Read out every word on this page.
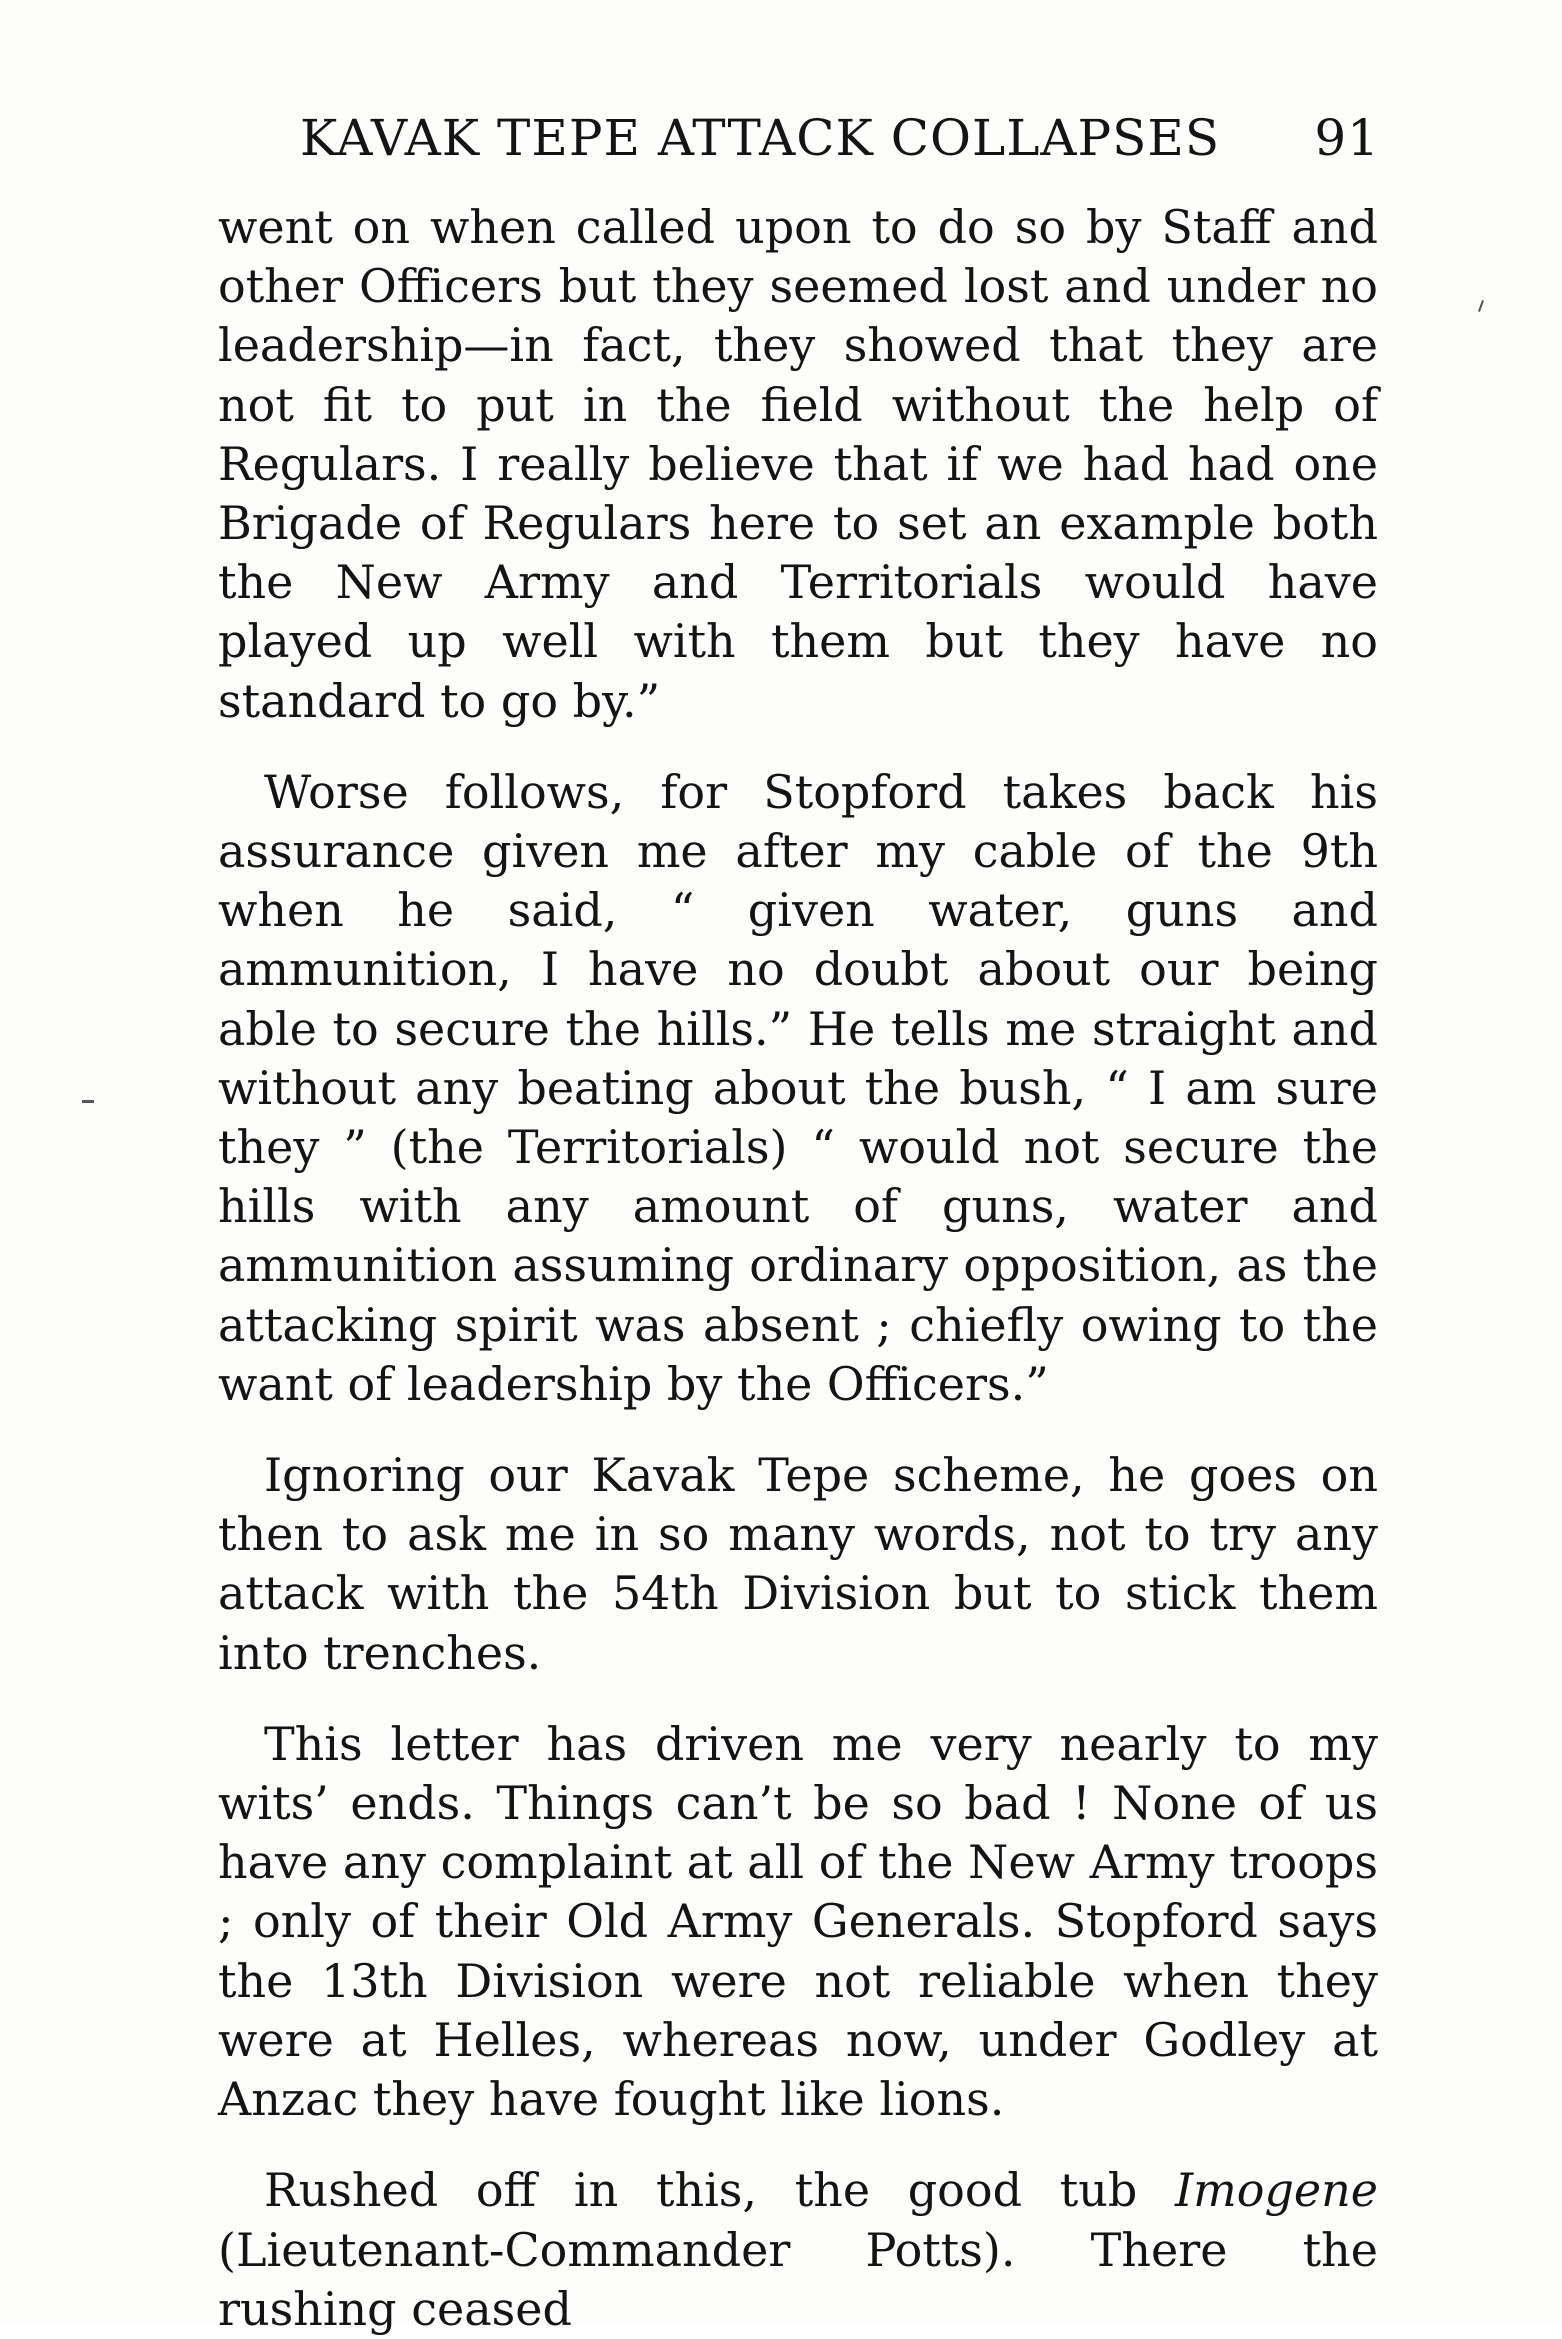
KAVAK TEPE ATTACK COLLAPSES 91

went on when called upon to do so by Staff and other Officers but they seemed lost and under no leadership—in fact, they showed that they are not fit to put in the field without the help of Regulars. I really believe that if we had had one Brigade of Regulars here to set an example both the New Army and Territorials would have played up well with them but they have no standard to go by.”

Worse follows, for Stopford takes back his assurance given me after my cable of the 9th when he said, “ given water, guns and ammunition, I have no doubt about our being able to secure the hills.” He tells me straight and without any beating about the bush, “ I am sure they ” (the Territorials) “ would not secure the hills with any amount of guns, water and ammunition assuming ordinary opposition, as the attacking spirit was absent ; chiefly owing to the want of leadership by the Officers.”

Ignoring our Kavak Tepe scheme, he goes on then to ask me in so many words, not to try any attack with the 54th Division but to stick them into trenches.

This letter has driven me very nearly to my wits’ ends. Things can’t be so bad ! None of us have any complaint at all of the New Army troops ; only of their Old Army Generals. Stopford says the 13th Division were not reliable when they were at Helles, whereas now, under Godley at Anzac they have fought like lions.

Rushed off in this, the good tub Imogene (Lieutenant-Commander Potts). There the rushing ceased
